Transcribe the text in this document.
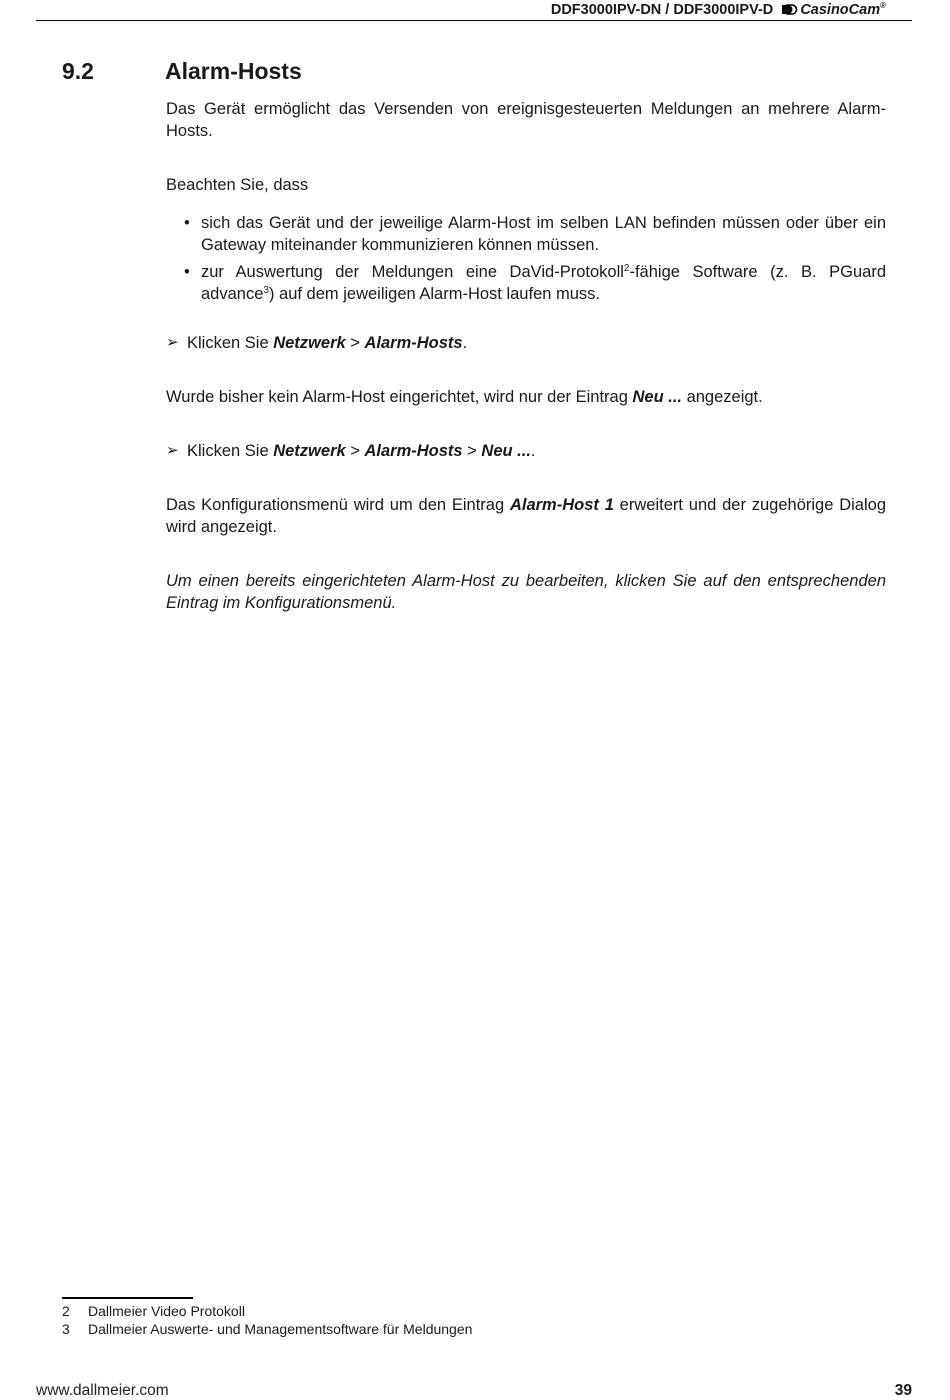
DDF3000IPV-DN / DDF3000IPV-D CasinoCam®
9.2	Alarm-Hosts

Das Gerät ermöglicht das Versenden von ereignisgesteuerten Meldungen an mehrere Alarm-Hosts.

Beachten Sie, dass

• sich das Gerät und der jeweilige Alarm-Host im selben LAN befinden müssen oder über ein Gateway miteinander kommunizieren können müssen.
• zur Auswertung der Meldungen eine DaVid-Protokoll$^2$-fähige Software (z. B. PGuard advance$^3$) auf dem jeweiligen Alarm-Host laufen muss.

➢ Klicken Sie Netzwerk > Alarm-Hosts.

Wurde bisher kein Alarm-Host eingerichtet, wird nur der Eintrag Neu ... angezeigt.

➢ Klicken Sie Netzwerk > Alarm-Hosts > Neu ....

Das Konfigurationsmenü wird um den Eintrag Alarm-Host 1 erweitert und der zugehörige Dialog wird angezeigt.

Um einen bereits eingerichteten Alarm-Host zu bearbeiten, klicken Sie auf den entsprechenden Eintrag im Konfigurationsmenü.

2 Dallmeier Video Protokoll
3 Dallmeier Auswerte- und Managementsoftware für Meldungen
www.dallmeier.com	39
